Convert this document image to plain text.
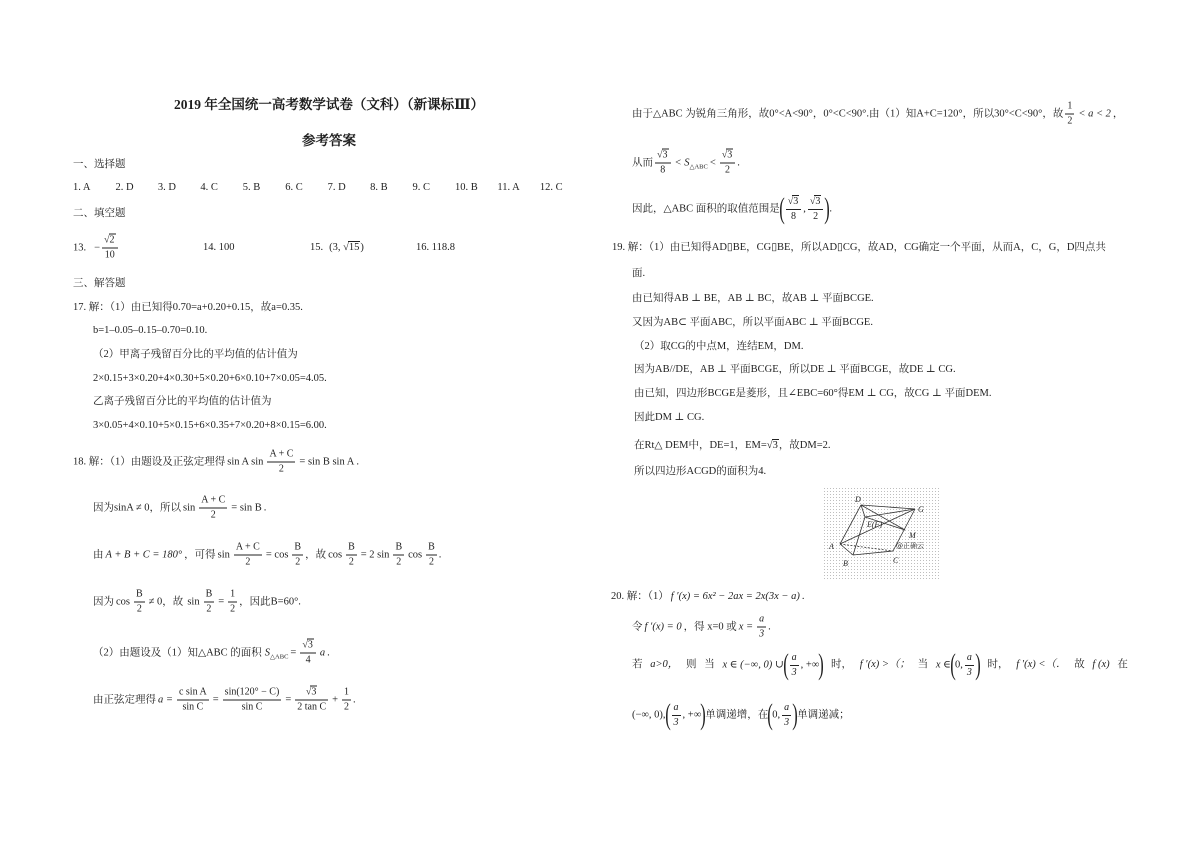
2019 年全国统一高考数学试卷（文科）（新课标Ⅲ）
参考答案
一、选择题
1. A 2. D 3. D 4. C 5. B 6. C 7. D 8. B 9. C 10. B 11. A 12. C
二、填空题
13. − $\frac{√2}{10}$	14. 100	15. (3, √15)	16. 118.8
三、解答题
17. 解：（1）由已知得0.70=a+0.20+0.15，故a=0.35.
b=1–0.05–0.15–0.70=0.10.
（2）甲离子残留百分比的平均值的估计值为
2×0.15+3×0.20+4×0.30+5×0.20+6×0.10+7×0.05=4.05.
乙离子残留百分比的平均值的估计值为
3×0.05+4×0.10+5×0.15+6×0.35+7×0.20+8×0.15=6.00.
18. 解：（1）由题设及正弦定理得 sin A $\sin \frac{A + C}{2} = \sin B$ sin A .
因为sinA ≠ 0，所以 $\sin \frac{A + C}{2} = \sin B$ .
由 A + B + C = 180° ，可得 $\sin \frac{A + C}{2} = \cos \frac{B}{2}$ ，故 $\cos \frac{B}{2} = 2$ $\sin \frac{B}{2}$ $\cos \frac{B}{2}$ .
因为 $\cos \frac{B}{2} \ne 0$，故 $\sin \frac{B}{2} = \frac{1}{2}$ ，因此B=60°.
（2）由题设及（1）知△ABC 的面积 $S_{\triangle ABC} = \frac{√3}{4}$ a .
由正弦定理得 $a = \frac{\text{c sin A}}{\text{sin C}} = \frac{\sin(120^\circ - C)}{\text{sin C}} = \frac{√3}{\text{2 tan C}} + \frac{1}{2}$ .
由于△ABC 为锐角三角形，故0°<A<90°，0°<C<90°.由（1）知A+C=120°，所以30°<C<90°，故 $\frac{1}{2} < a < 2$ ，
从而 $\frac{√3}{8} < S_{\triangle ABC} < \frac{√3}{2}$ .
因此，△ABC 面积的取值范围是( $\frac{√3}{8}$ , $\frac{√3}{2}$ ).
19. 解：（1）由已知得AD▯BE，CG▯BE，所以AD▯CG，故AD，CG确定一个平面，从而A，C，G，D四点共
面.
由已知得AB ⊥ BE，AB ⊥ BC，故AB ⊥ 平面BCGE.
又因为AB⊂ 平面ABC，所以平面ABC ⊥ 平面BCGE.
（2）取CG的中点M，连结EM，DM.
因为AB//DE，AB ⊥ 平面BCGE，所以DE ⊥ 平面BCGE，故DE ⊥ CG.
由已知，四边形BCGE是菱形，且∠EBC=60°得EM ⊥ CG，故CG ⊥ 平面DEM.
因此DM ⊥ CG.
在Rt△ DEM中，DE=1，EM=√3，故DM=2.
所以四边形ACGD的面积为4.
D
G
E(F)
M
A
B	C
@正确云
20. 解：（1） f ′(x) = 6x² − 2ax = 2x(3x − a) .
令 f ′(x) = 0 ，得 x=0 或 $x = \frac{a}{3}$ .
若 a>0， 则 当 x ∈ (−∞, 0) ∪( $\frac{a}{3}$ , +∞) 时， f ′(x) >（； 当 x ∈(0, $\frac{a}{3}$ ) 时， f ′(x) <（． 故 f (x) 在
(−∞, $0),( \frac{a}{3}$ , +∞)单调递增，在(0, $\frac{a}{3}$ )单调递减；
